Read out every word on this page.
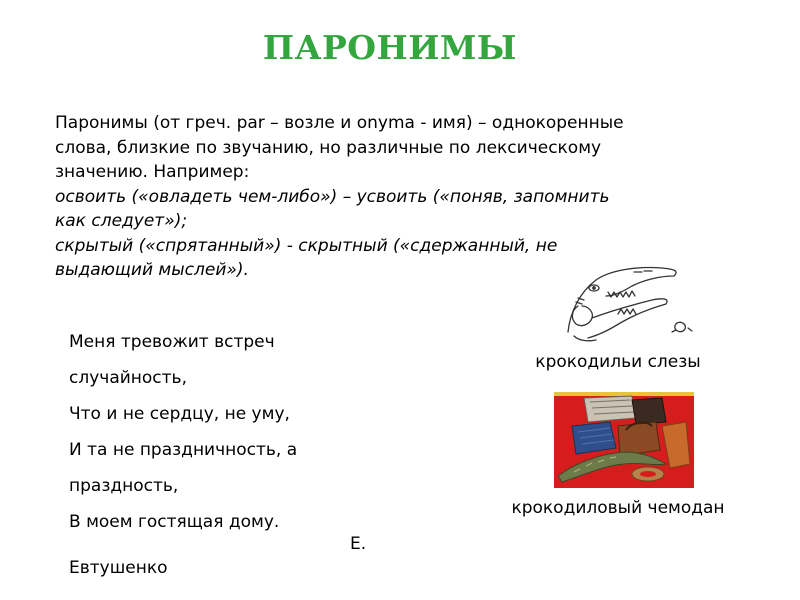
ПАРОНИМЫ

Паронимы (от греч. par – возле и onyma - имя) – однокоренные

слова, близкие по звучанию, но различные по лексическому

значению. Например:

освоить («овладеть чем-либо») – усвоить («поняв, запомнить

как следует»);

скрытый («спрятанный») - скрытный («сдержанный, не

выдающий мыслей»).

Меня тревожит встреч
случайность,
Что и не сердцу, не уму,
И та не праздничность, а
праздность,
В моем гостящая дому.
Е.
Евтушенко
крокодильи слезы
крокодиловый чемодан
